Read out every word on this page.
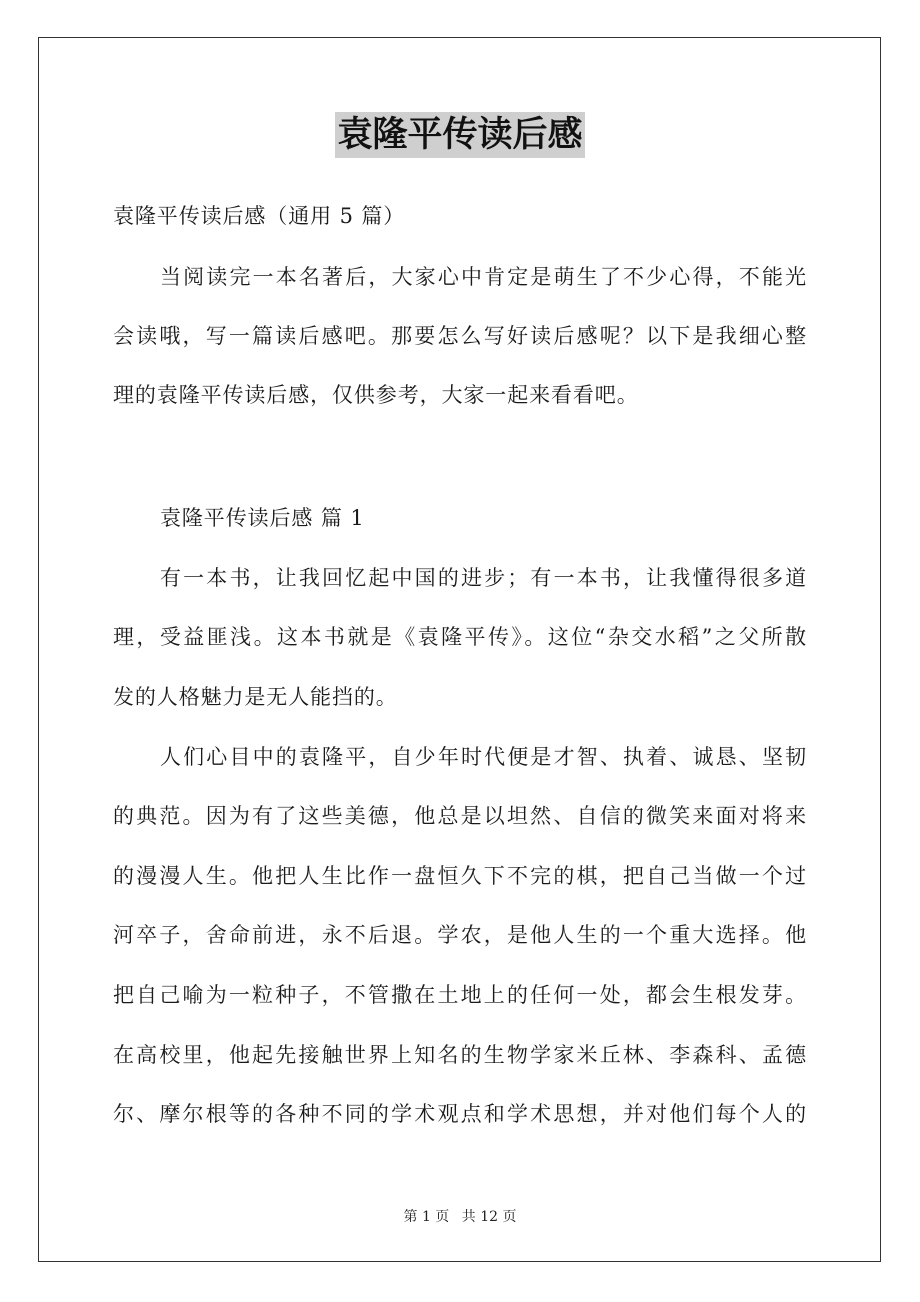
袁隆平传读后感
袁隆平传读后感（通用 5 篇）
当阅读完一本名著后，大家心中肯定是萌生了不少心得，不能光
会读哦，写一篇读后感吧。那要怎么写好读后感呢？以下是我细心整
理的袁隆平传读后感，仅供参考，大家一起来看看吧。
袁隆平传读后感 篇 1
有一本书，让我回忆起中国的进步；有一本书，让我懂得很多道
理，受益匪浅。这本书就是《袁隆平传》。这位“杂交水稻”之父所散
发的人格魅力是无人能挡的。
人们心目中的袁隆平，自少年时代便是才智、执着、诚恳、坚韧
的典范。因为有了这些美德，他总是以坦然、自信的微笑来面对将来
的漫漫人生。他把人生比作一盘恒久下不完的棋，把自己当做一个过
河卒子，舍命前进，永不后退。学农，是他人生的一个重大选择。他
把自己喻为一粒种子，不管撒在土地上的任何一处，都会生根发芽。
在高校里，他起先接触世界上知名的生物学家米丘林、李森科、孟德
尔、摩尔根等的各种不同的学术观点和学术思想，并对他们每个人的
第 1 页 共 12 页
